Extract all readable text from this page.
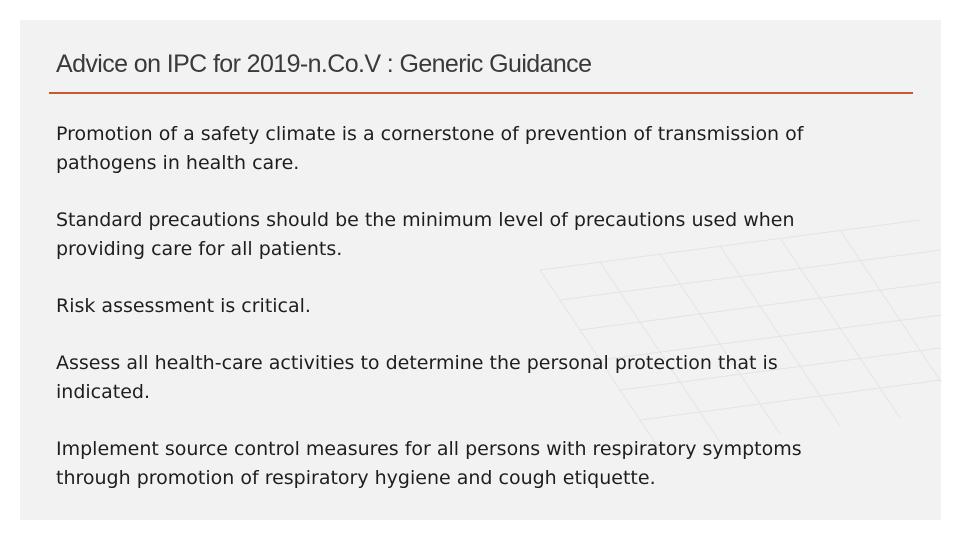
Advice on IPC for 2019-n.Co.V : Generic Guidance
Promotion of a safety climate is a cornerstone of prevention of transmission of pathogens in health care.
Standard precautions should be the minimum level of precautions used when providing care for all patients.
Risk assessment is critical.
Assess all health-care activities to determine the personal protection that is indicated.
Implement source control measures for all persons with respiratory symptoms through promotion of respiratory hygiene and cough etiquette.
